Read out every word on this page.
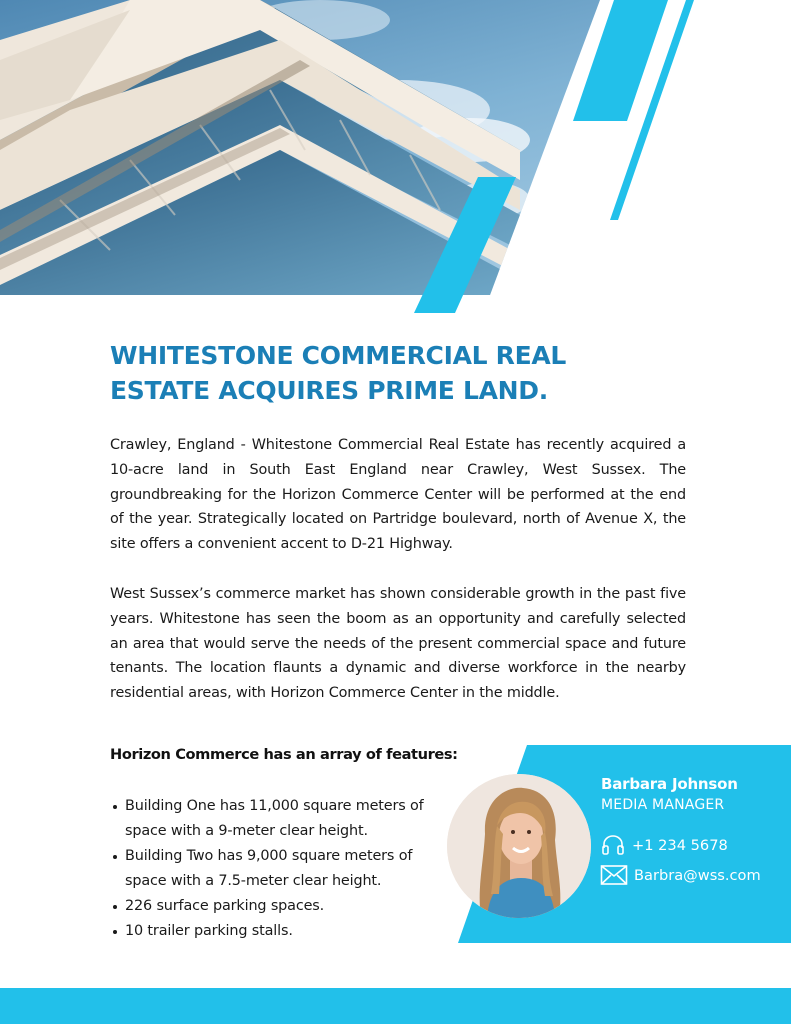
WHITESTONE COMMERCIAL REAL
ESTATE ACQUIRES PRIME LAND.

Crawley, England - Whitestone Commercial Real Estate has recently acquired a 10-acre land in South East England near Crawley, West Sussex. The groundbreaking for the Horizon Commerce Center will be performed at the end of the year. Strategically located on Partridge boulevard, north of Avenue X, the site offers a convenient accent to D-21 Highway.

West Sussex’s commerce market has shown considerable growth in the past five years. Whitestone has seen the boom as an opportunity and carefully selected an area that would serve the needs of the present commercial space and future tenants. The location flaunts a dynamic and diverse workforce in the nearby residential areas, with Horizon Commerce Center in the middle.

Horizon Commerce has an array of features:
Building One has 11,000 square meters of space with a 9-meter clear height.
Building Two has 9,000 square meters of space with a 7.5-meter clear height.
226 surface parking spaces.
10 trailer parking stalls.
Barbara Johnson
MEDIA MANAGER
+1 234 5678
Barbra@wss.com
